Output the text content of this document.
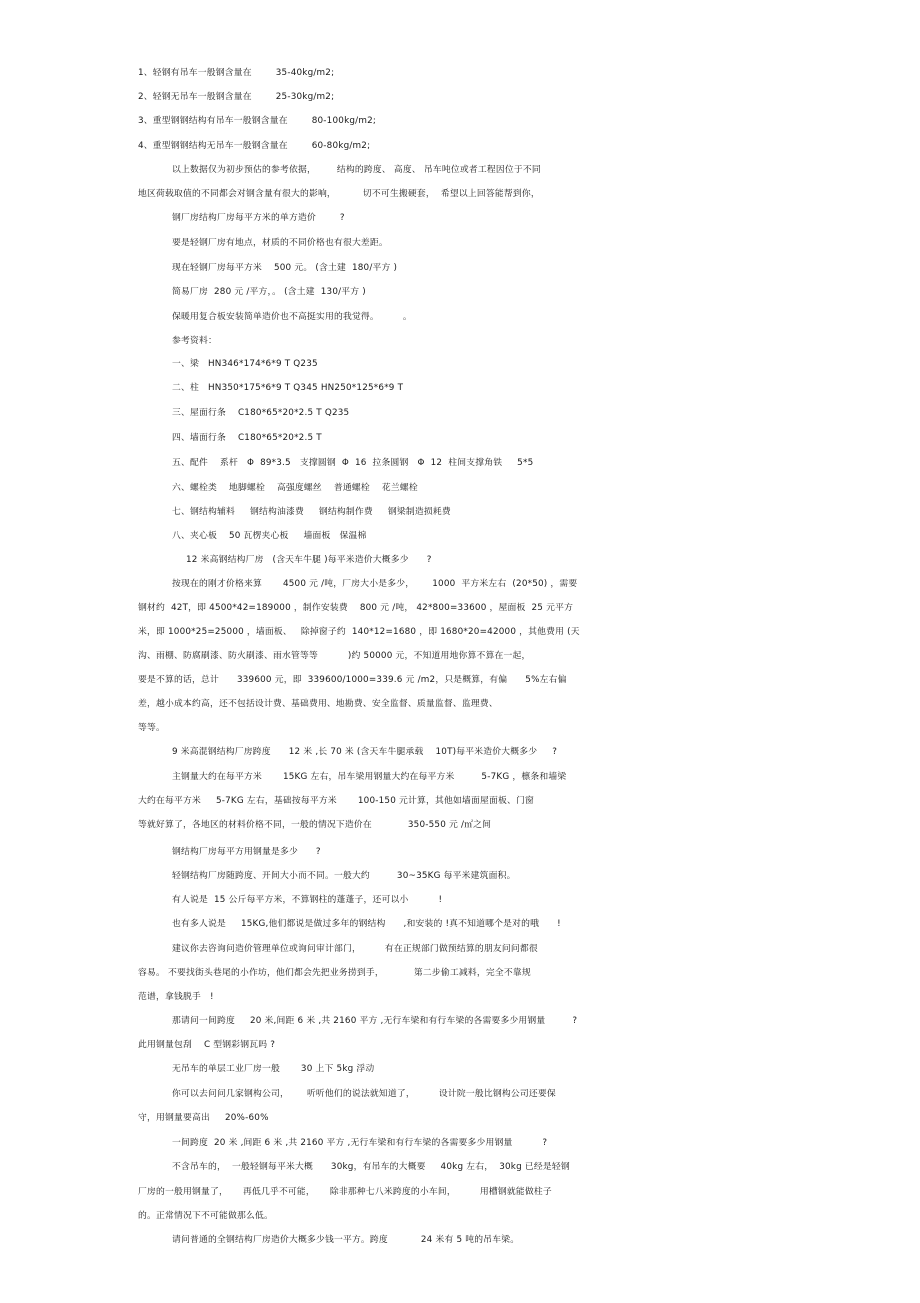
1、轻钢有吊车一般钢含量在        35-40kg/m2;
2、轻钢无吊车一般钢含量在        25-30kg/m2;
3、重型钢钢结构有吊车一般钢含量在        80-100kg/m2;
4、重型钢钢结构无吊车一般钢含量在        60-80kg/m2;
以上数据仅为初步预估的参考依据，       结构的跨度、 高度、 吊车吨位或者工程因位于不同
地区荷载取值的不同都会对钢含量有很大的影响，         切不可生搬硬套，  希望以上回答能帮到你，
钢厂房结构厂房每平方米的单方造价        ?
要是轻钢厂房有地点，材质的不同价格也有很大差距。
现在轻钢厂房每平方米    500 元。 (含土建  180/平方 )
简易厂房  280 元 /平方，。 (含土建  130/平方 )
保暖用复合板安装简单造价也不高挺实用的我觉得。        。
参考资料：
一、梁   HN346*174*6*9 T Q235
二、柱   HN350*175*6*9 T Q345 HN250*125*6*9 T
三、屋面行条    C180*65*20*2.5 T Q235
四、墙面行条    C180*65*20*2.5 T
五、配件    系杆   Φ  89*3.5   支撑圆钢  Φ  16  拉条圆钢   Φ  12  柱间支撑角铁     5*5
六、螺栓类    地脚螺栓    高强度螺丝    普通螺栓    花兰螺栓
七、钢结构辅料     钢结构油漆费     钢结构制作费     钢梁制造损耗费
八、夹心板    50 瓦楞夹心板     墙面板   保温棉
12 米高钢结构厂房   (含天车牛腿 )每平米造价大概多少      ?
按现在的刚才价格来算       4500 元 /吨，厂房大小是多少，      1000  平方米左右  (20*50) ，需要
钢材约  42T，即 4500*42=189000 ，制作安装费    800 元 /吨， 42*800=33600 ，屋面板  25 元平方
米，即 1000*25=25000 ，墙面板、   除掉窗子约  140*12=1680 ，即 1680*20=42000 ，其他费用 (天
沟、雨棚、防腐刷漆、防火刷漆、雨水管等等          )约 50000 元，不知道用地你算不算在一起，
要是不算的话，总计      339600 元，即  339600/1000=339.6 元 /m2，只是概算，有偏      5%左右偏
差，越小成本约高，还不包括设计费、基础费用、地勘费、安全监督、质量监督、监理费、
等等。
9 米高混钢结构厂房跨度      12 米 ,长 70 米 (含天车牛腿承载    10T)每平米造价大概多少     ?
主钢量大约在每平方米       15KG 左右，吊车梁用钢量大约在每平方米         5-7KG ，檩条和墙梁
大约在每平方米     5-7KG 左右，基础按每平方米       100-150 元计算，其他如墙面屋面板、门窗
等就好算了，各地区的材料价格不同，一般的情况下造价在            350-550 元 /㎡之间
钢结构厂房每平方用钢量是多少      ?
轻钢结构厂房随跨度、开间大小而不同。一般大约         30~35KG 每平米建筑面积。
有人说是  15 公斤每平方米，不算钢柱的蓬蓬子，还可以小          !
也有多人说是     15KG,他们都说是做过多年的钢结构      ,和安装的 !真不知道哪个是对的哦      !
建议你去咨询问造价管理单位或询问审计部门，        有在正规部门做预结算的朋友问问都很
容易。 不要找街头巷尾的小作坊，他们都会先把业务捞到手，          第二步偷工减料，完全不靠规
范谱，拿钱脱手   !
那请问一间跨度     20 米,间距 6 米 ,共 2160 平方 ,无行车梁和有行车梁的各需要多少用钢量         ?
此用钢量包刮    C 型钢彩钢瓦吗 ?
无吊车的单层工业厂房一般       30 上下 5kg 浮动
你可以去问问几家钢构公司，      听听他们的说法就知道了，        设计院一般比钢构公司还要保
守，用钢量要高出     20%-60%
一间跨度  20 米 ,间距 6 米 ,共 2160 平方 ,无行车梁和有行车梁的各需要多少用钢量          ?
不含吊车的，  一般轻钢每平米大概      30kg，有吊车的大概要     40kg 左右，  30kg 已经是轻钢
厂房的一般用钢量了，     再低几乎不可能，     除非那种七八米跨度的小车间，        用槽钢就能做柱子
的。正常情况下不可能做那么低。
请问普通的全钢结构厂房造价大概多少钱一平方。跨度           24 米有 5 吨的吊车梁。
